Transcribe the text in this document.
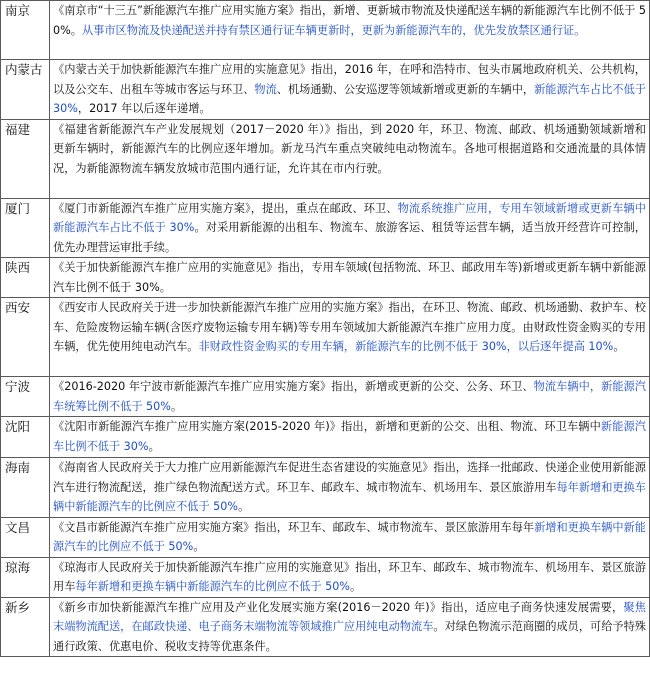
南京	《南京市“十三五”新能源汽车推广应用实施方案》指出，新增、更新城市物流及快递配送车辆的新能源汽车比例不低于 50%。从事市区物流及快递配送并持有禁区通行证车辆更新时，更新为新能源汽车的，优先发放禁区通行证。
内蒙古	《内蒙古关于加快新能源汽车推广应用的实施意见》指出，2016 年，在呼和浩特市、包头市属地政府机关、公共机构，以及公交车、出租车等城市客运与环卫、物流、机场通勤、公安巡逻等领域新增或更新的车辆中，新能源汽车占比不低于 30%，2017 年以后逐年递增。
福建	《福建省新能源汽车产业发展规划（2017－2020 年）》指出，到 2020 年，环卫、物流、邮政、机场通勤领域新增和更新车辆时，新能源汽车的比例应逐年增加。新龙马汽车重点突破纯电动物流车。各地可根据道路和交通流量的具体情况，为新能源物流车辆发放城市范围内通行证，允许其在市内行驶。
厦门	《厦门市新能源汽车推广应用实施方案》，提出，重点在邮政、环卫、物流系统推广应用，专用车领域新增或更新车辆中新能源汽车占比不低于 30%。对采用新能源的出租车、物流车、旅游客运、租赁等运营车辆，适当放开经营许可控制，优先办理营运审批手续。
陕西	《关于加快新能源汽车推广应用的实施意见》指出，专用车领域(包括物流、环卫、邮政用车等)新增或更新车辆中新能源汽车比例不低于 30%。
西安	《西安市人民政府关于进一步加快新能源汽车推广应用的实施方案》指出，在环卫、物流、邮政、机场通勤、救护车、校车、危险废物运输车辆(含医疗废物运输专用车辆)等专用车领域加大新能源汽车推广应用力度。由财政性资金购买的专用车辆，优先使用纯电动汽车。非财政性资金购买的专用车辆，新能源汽车的比例不低于 30%，以后逐年提高 10%。
宁波	《2016-2020 年宁波市新能源汽车推广应用实施方案》指出，新增或更新的公交、公务、环卫、物流车辆中，新能源汽车统筹比例不低于 50%。
沈阳	《沈阳市新能源汽车推广应用实施方案(2015-2020 年)》指出，新增和更新的公交、出租、物流、环卫车辆中新能源汽车比例不低于 30%。
海南	《海南省人民政府关于大力推广应用新能源汽车促进生态省建设的实施意见》指出，选择一批邮政、快递企业使用新能源汽车进行物流配送，推广绿色物流配送方式。环卫车、邮政车、城市物流车、机场用车、景区旅游用车每年新增和更换车辆中新能源汽车的比例应不低于 50%。
文昌	《文昌市新能源汽车推广应用实施方案》指出，环卫车、邮政车、城市物流车、景区旅游用车每年新增和更换车辆中新能源汽车的比例应不低于 50%。
琼海	《琼海市人民政府关于加快新能源汽车推广应用的实施意见》指出，环卫车、邮政车、城市物流车、机场用车、景区旅游用车每年新增和更换车辆中新能源汽车的比例应不低于 50%。
新乡	《新乡市加快新能源汽车推广应用及产业化发展实施方案(2016－2020 年)》指出，适应电子商务快速发展需要，聚焦末端物流配送，在邮政快递、电子商务末端物流等领域推广应用纯电动物流车。对绿色物流示范商圈的成员，可给予特殊通行政策、优惠电价、税收支持等优惠条件。
